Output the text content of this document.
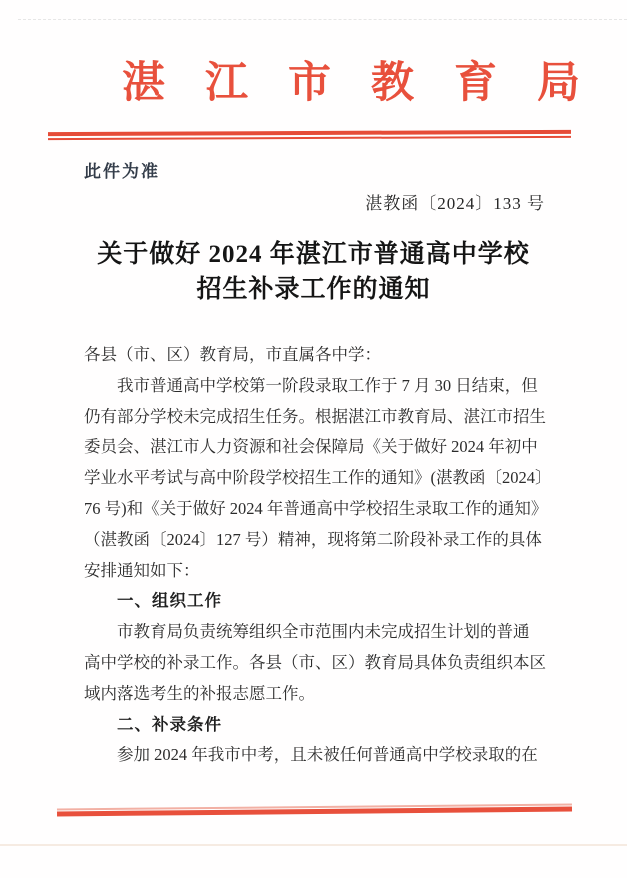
湛江市教育局
此件为准
湛教函〔2024〕133 号
关于做好 2024 年湛江市普通高中学校
招生补录工作的通知
各县（市、区）教育局，市直属各中学：
我市普通高中学校第一阶段录取工作于 7 月 30 日结束，但
仍有部分学校未完成招生任务。根据湛江市教育局、湛江市招生
委员会、湛江市人力资源和社会保障局《关于做好 2024 年初中
学业水平考试与高中阶段学校招生工作的通知》(湛教函〔2024〕
76 号)和《关于做好 2024 年普通高中学校招生录取工作的通知》
（湛教函〔2024〕127 号）精神，现将第二阶段补录工作的具体
安排通知如下：
一、组织工作
市教育局负责统筹组织全市范围内未完成招生计划的普通
高中学校的补录工作。各县（市、区）教育局具体负责组织本区
域内落选考生的补报志愿工作。
二、补录条件
参加 2024 年我市中考，且未被任何普通高中学校录取的在
